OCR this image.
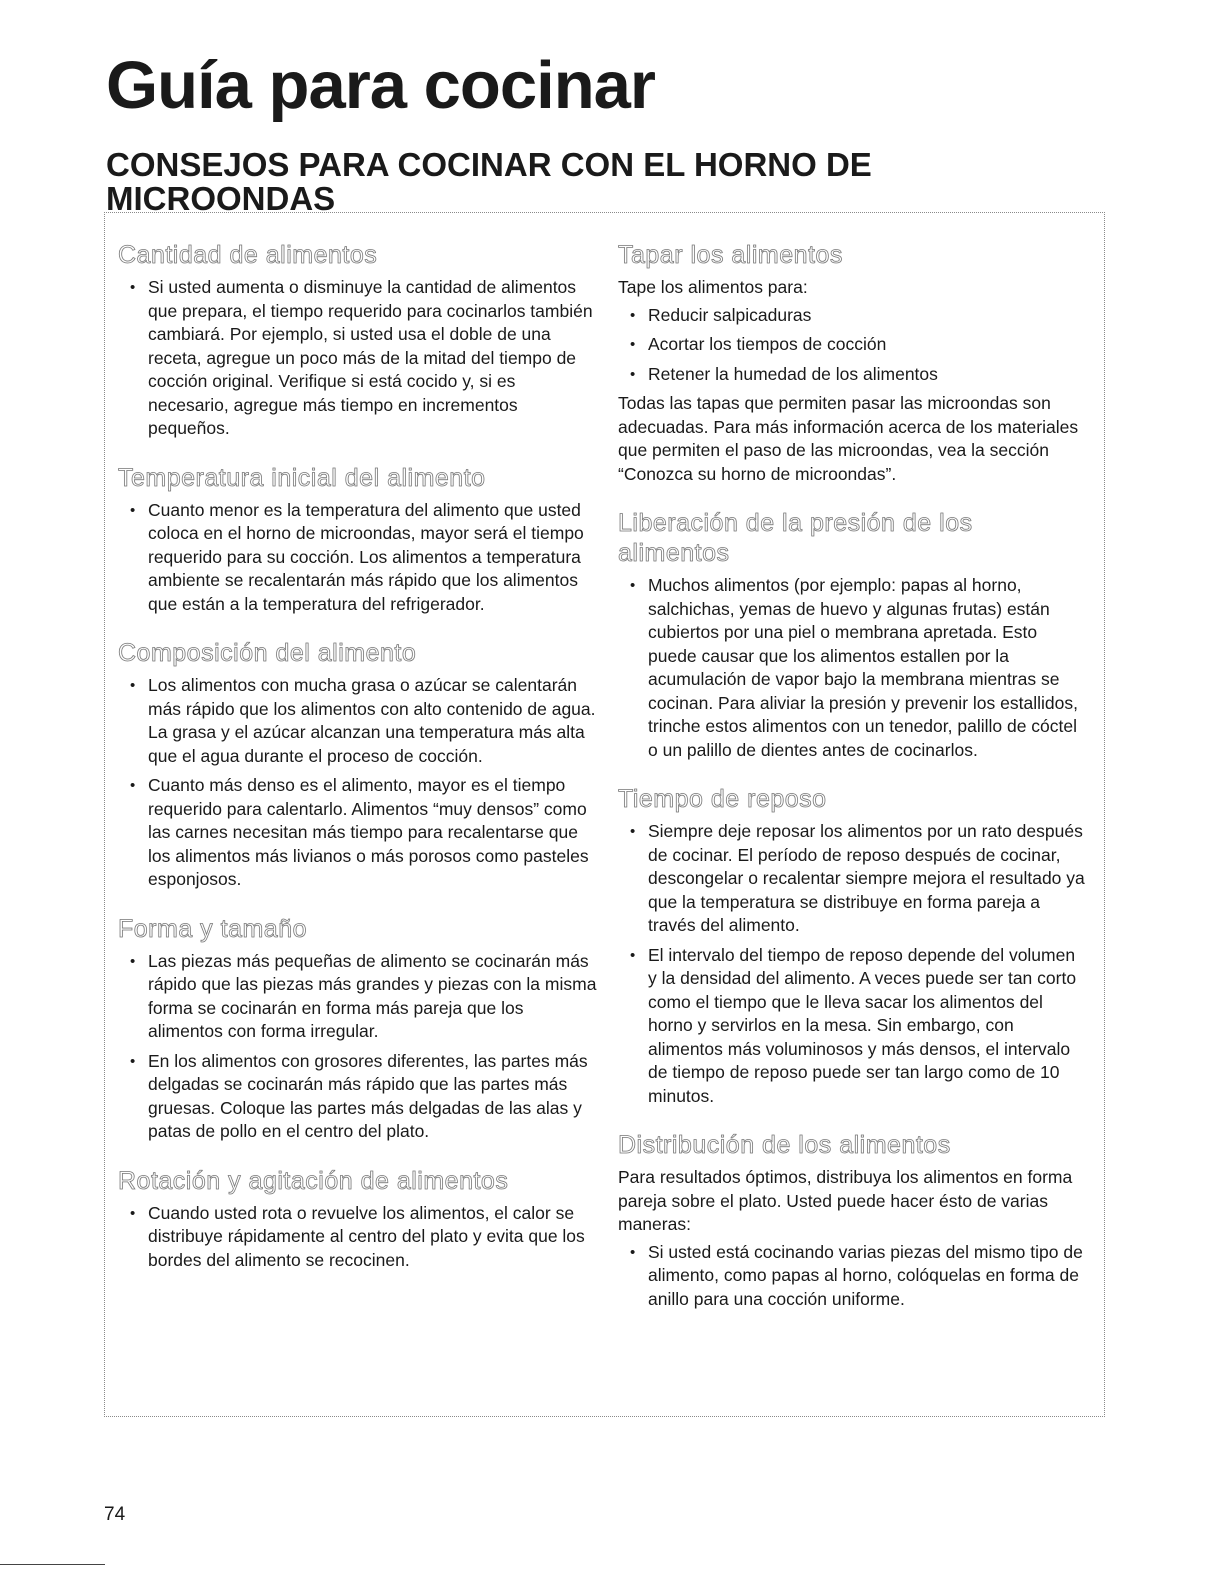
Guía para cocinar
CONSEJOS PARA COCINAR CON EL HORNO DE MICROONDAS
Cantidad de alimentos
• Si usted aumenta o disminuye la cantidad de alimentos que prepara, el tiempo requerido para cocinarlos también cambiará. Por ejemplo, si usted usa el doble de una receta, agregue un poco más de la mitad del tiempo de cocción original. Verifique si está cocido y, si es necesario, agregue más tiempo en incrementos pequeños.
Temperatura inicial del alimento
• Cuanto menor es la temperatura del alimento que usted coloca en el horno de microondas, mayor será el tiempo requerido para su cocción. Los alimentos a temperatura ambiente se recalentarán más rápido que los alimentos que están a la temperatura del refrigerador.
Composición del alimento
• Los alimentos con mucha grasa o azúcar se calentarán más rápido que los alimentos con alto contenido de agua. La grasa y el azúcar alcanzan una temperatura más alta que el agua durante el proceso de cocción.
• Cuanto más denso es el alimento, mayor es el tiempo requerido para calentarlo. Alimentos “muy densos” como las carnes necesitan más tiempo para recalentarse que los alimentos más livianos o más porosos como pasteles esponjosos.
Forma y tamaño
• Las piezas más pequeñas de alimento se cocinarán más rápido que las piezas más grandes y piezas con la misma forma se cocinarán en forma más pareja que los alimentos con forma irregular.
• En los alimentos con grosores diferentes, las partes más delgadas se cocinarán más rápido que las partes más gruesas. Coloque las partes más delgadas de las alas y patas de pollo en el centro del plato.
Rotación y agitación de alimentos
• Cuando usted rota o revuelve los alimentos, el calor se distribuye rápidamente al centro del plato y evita que los bordes del alimento se recocinen.
Tapar los alimentos

Tape los alimentos para:

• Reducir salpicaduras
• Acortar los tiempos de cocción
• Retener la humedad de los alimentos

Todas las tapas que permiten pasar las microondas son adecuadas. Para más información acerca de los materiales que permiten el paso de las microondas, vea la sección “Conozca su horno de microondas”.

Liberación de la presión de los alimentos
• Muchos alimentos (por ejemplo: papas al horno, salchichas, yemas de huevo y algunas frutas) están cubiertos por una piel o membrana apretada. Esto puede causar que los alimentos estallen por la acumulación de vapor bajo la membrana mientras se cocinan. Para aliviar la presión y prevenir los estallidos, trinche estos alimentos con un tenedor, palillo de cóctel o un palillo de dientes antes de cocinarlos.
Tiempo de reposo
• Siempre deje reposar los alimentos por un rato después de cocinar. El período de reposo después de cocinar, descongelar o recalentar siempre mejora el resultado ya que la temperatura se distribuye en forma pareja a través del alimento.
• El intervalo del tiempo de reposo depende del volumen y la densidad del alimento. A veces puede ser tan corto como el tiempo que le lleva sacar los alimentos del horno y servirlos en la mesa. Sin embargo, con alimentos más voluminosos y más densos, el intervalo de tiempo de reposo puede ser tan largo como de 10 minutos.
Distribución de los alimentos

Para resultados óptimos, distribuya los alimentos en forma pareja sobre el plato. Usted puede hacer ésto de varias maneras:

• Si usted está cocinando varias piezas del mismo tipo de alimento, como papas al horno, colóquelas en forma de anillo para una cocción uniforme.
74
